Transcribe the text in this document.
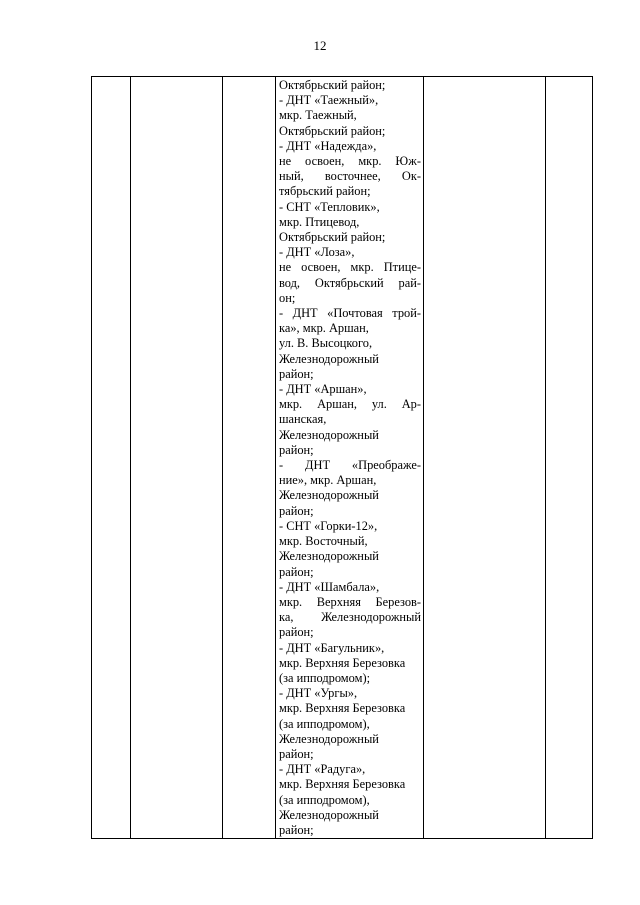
12

Октябрьский район;
- ДНТ «Таежный»,
мкр. Таежный,
Октябрьский район;
- ДНТ «Надежда»,
не освоен, мкр. Юж-
ный, восточнее, Ок-
тябрьский район;
- СНТ «Тепловик»,
мкр. Птицевод,
Октябрьский район;
- ДНТ «Лоза»,
не освоен, мкр. Птице-
вод, Октябрьский рай-
он;
- ДНТ «Почтовая трой-
ка», мкр. Аршан,
ул. В. Высоцкого,
Железнодорожный
район;
- ДНТ «Аршан»,
мкр. Аршан, ул. Ар-
шанская,
Железнодорожный
район;
- ДНТ «Преображе-
ние», мкр. Аршан,
Железнодорожный
район;
- СНТ «Горки-12»,
мкр. Восточный,
Железнодорожный
район;
- ДНТ «Шамбала»,
мкр. Верхняя Березов-
ка, Железнодорожный
район;
- ДНТ «Багульник»,
мкр. Верхняя Березовка
(за ипподромом);
- ДНТ «Ургы»,
мкр. Верхняя Березовка
(за ипподромом),
Железнодорожный
район;
- ДНТ «Радуга»,
мкр. Верхняя Березовка
(за ипподромом),
Железнодорожный
район;
